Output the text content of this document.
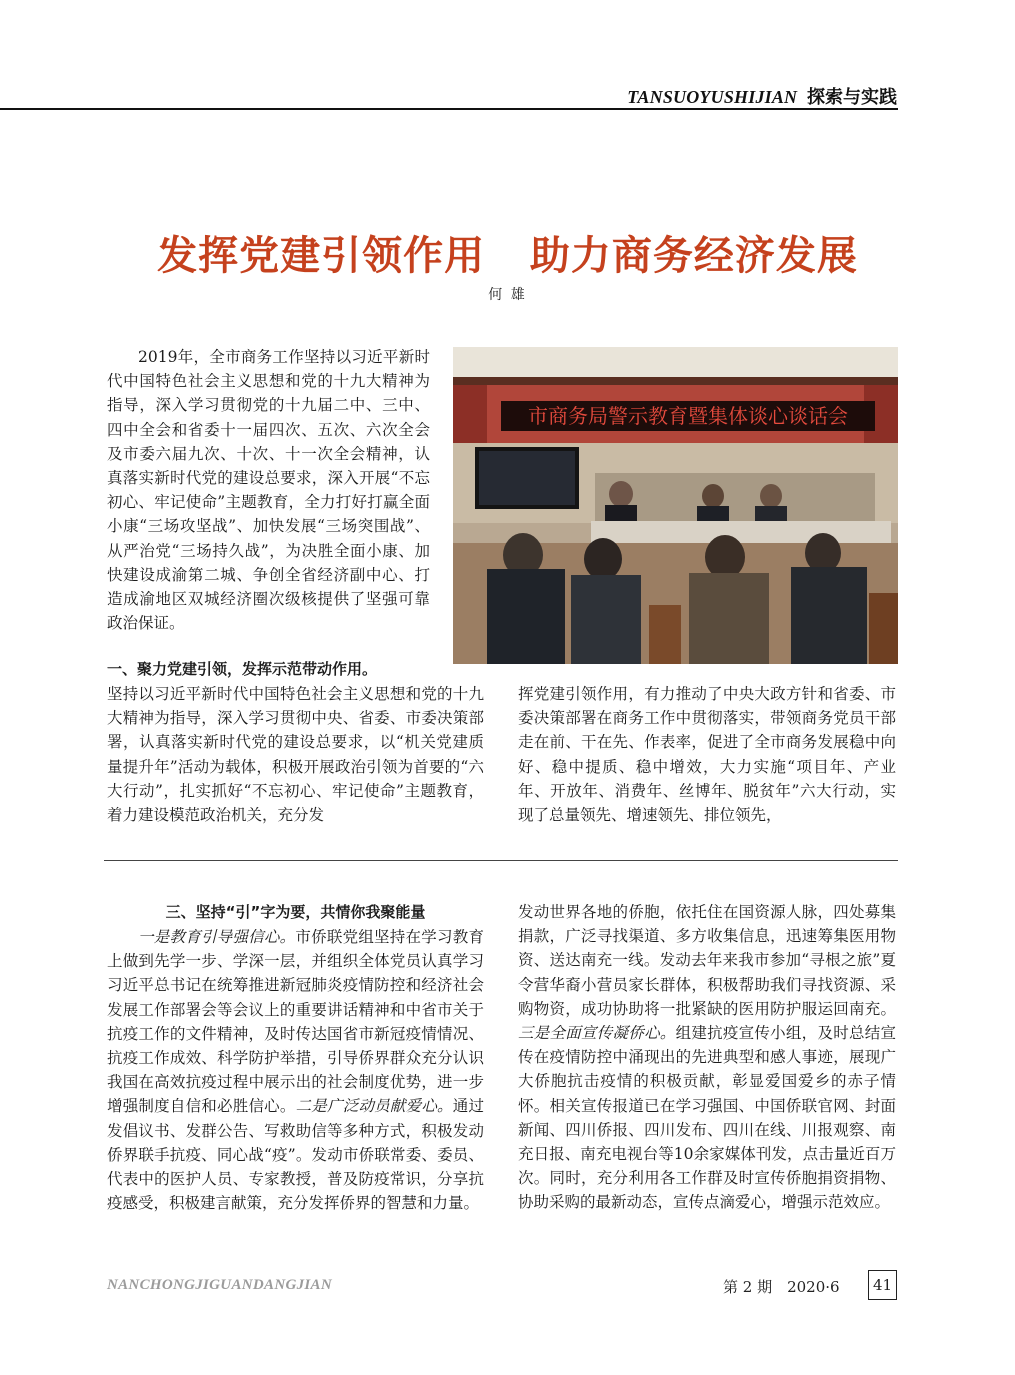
TANSUOYUSHIJIAN 探索与实践
发挥党建引领作用   助力商务经济发展
何 雄

2019年，全市商务工作坚持以习近平新时代中国特色社会主义思想和党的十九大精神为指导，深入学习贯彻党的十九届二中、三中、四中全会和省委十一届四次、五次、六次全会及市委六届九次、十次、十一次全会精神，认真落实新时代党的建设总要求，深入开展“不忘初心、牢记使命”主题教育，全力打好打赢全面小康“三场攻坚战”、加快发展“三场突围战”、从严治党“三场持久战”，为决胜全面小康、加快建设成渝第二城、争创全省经济副中心、打造成渝地区双城经济圈次级核提供了坚强可靠政治保证。

市商务局警示教育暨集体谈心谈话会
一、聚力党建引领，发挥示范带动作用。

坚持以习近平新时代中国特色社会主义思想和党的十九大精神为指导，深入学习贯彻中央、省委、市委决策部署，认真落实新时代党的建设总要求，以“机关党建质量提升年”活动为载体，积极开展政治引领为首要的“六大行动”，扎实抓好“不忘初心、牢记使命”主题教育，着力建设模范政治机关，充分发

挥党建引领作用，有力推动了中央大政方针和省委、市委决策部署在商务工作中贯彻落实，带领商务党员干部走在前、干在先、作表率，促进了全市商务发展稳中向好、稳中提质、稳中增效，大力实施“项目年、产业年、开放年、消费年、丝博年、脱贫年”六大行动，实现了总量领先、增速领先、排位领先，

三、坚持“引”字为要，共情你我聚能量

一是教育引导强信心。市侨联党组坚持在学习教育上做到先学一步、学深一层，并组织全体党员认真学习习近平总书记在统筹推进新冠肺炎疫情防控和经济社会发展工作部署会等会议上的重要讲话精神和中省市关于抗疫工作的文件精神，及时传达国省市新冠疫情情况、抗疫工作成效、科学防护举措，引导侨界群众充分认识我国在高效抗疫过程中展示出的社会制度优势，进一步增强制度自信和必胜信心。二是广泛动员献爱心。通过发倡议书、发群公告、写救助信等多种方式，积极发动侨界联手抗疫、同心战“疫”。发动市侨联常委、委员、代表中的医护人员、专家教授，普及防疫常识，分享抗疫感受，积极建言献策，充分发挥侨界的智慧和力量。

发动世界各地的侨胞，依托住在国资源人脉，四处募集捐款，广泛寻找渠道、多方收集信息，迅速筹集医用物资、送达南充一线。发动去年来我市参加“寻根之旅”夏令营华裔小营员家长群体，积极帮助我们寻找资源、采购物资，成功协助将一批紧缺的医用防护服运回南充。三是全面宣传凝侨心。组建抗疫宣传小组，及时总结宣传在疫情防控中涌现出的先进典型和感人事迹，展现广大侨胞抗击疫情的积极贡献，彰显爱国爱乡的赤子情怀。相关宣传报道已在学习强国、中国侨联官网、封面新闻、四川侨报、四川发布、四川在线、川报观察、南充日报、南充电视台等10余家媒体刊发，点击量近百万次。同时，充分利用各工作群及时宣传侨胞捐资捐物、协助采购的最新动态，宣传点滴爱心，增强示范效应。

NANCHONGJIGUANDANGJIAN	第 2 期　2020·6	41
